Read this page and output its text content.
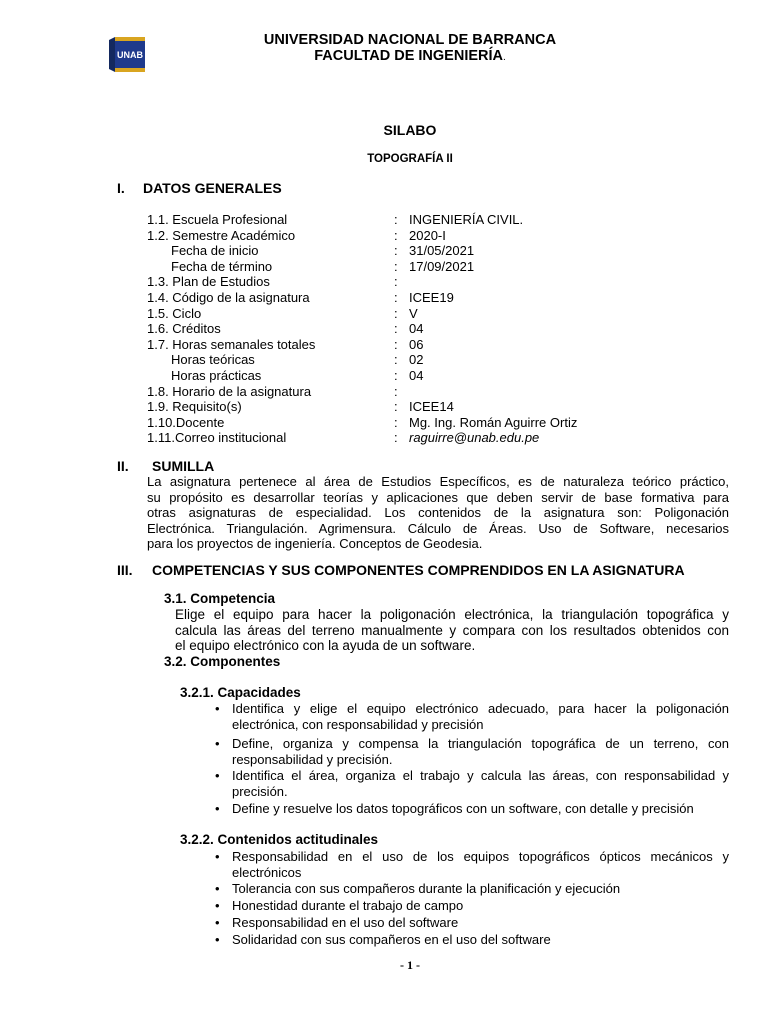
UNAB
UNIVERSIDAD NACIONAL DE BARRANCA
FACULTAD DE INGENIERÍA.
SILABO
TOPOGRAFÍA II
I. DATOS GENERALES
1.1. Escuela Profesional	: INGENIERÍA CIVIL.
1.2. Semestre Académico	: 2020-I
Fecha de inicio	: 31/05/2021
Fecha de término	: 17/09/2021
1.3. Plan de Estudios	:
1.4. Código de la asignatura	: ICEE19
1.5. Ciclo	: V
1.6. Créditos	: 04
1.7. Horas semanales totales	: 06
Horas teóricas	: 02
Horas prácticas	: 04
1.8. Horario de la asignatura	:
1.9. Requisito(s)	: ICEE14
1.10.Docente	: Mg. Ing. Román Aguirre Ortiz
1.11.Correo institucional	: raguirre@unab.edu.pe
II. SUMILLA
La asignatura pertenece al área de Estudios Específicos, es de naturaleza teórico práctico,
su propósito es desarrollar teorías y aplicaciones que deben servir de base formativa para
otras asignaturas de especialidad. Los contenidos de la asignatura son: Poligonación
Electrónica. Triangulación. Agrimensura. Cálculo de Áreas. Uso de Software, necesarios
para los proyectos de ingeniería. Conceptos de Geodesia.
III. COMPETENCIAS Y SUS COMPONENTES COMPRENDIDOS EN LA ASIGNATURA
3.1. Competencia
Elige el equipo para hacer la poligonación electrónica, la triangulación topográfica y
calcula las áreas del terreno manualmente y compara con los resultados obtenidos con
el equipo electrónico con la ayuda de un software.
3.2. Componentes
3.2.1. Capacidades
• Identifica y elige el equipo electrónico adecuado, para hacer la poligonación
electrónica, con responsabilidad y precisión
• Define, organiza y compensa la triangulación topográfica de un terreno, con
responsabilidad y precisión.
• Identifica el área, organiza el trabajo y calcula las áreas, con responsabilidad y
precisión.
• Define y resuelve los datos topográficos con un software, con detalle y precisión
3.2.2. Contenidos actitudinales
• Responsabilidad en el uso de los equipos topográficos ópticos mecánicos y
electrónicos
• Tolerancia con sus compañeros durante la planificación y ejecución
• Honestidad durante el trabajo de campo
• Responsabilidad en el uso del software
• Solidaridad con sus compañeros en el uso del software
- 1 -
